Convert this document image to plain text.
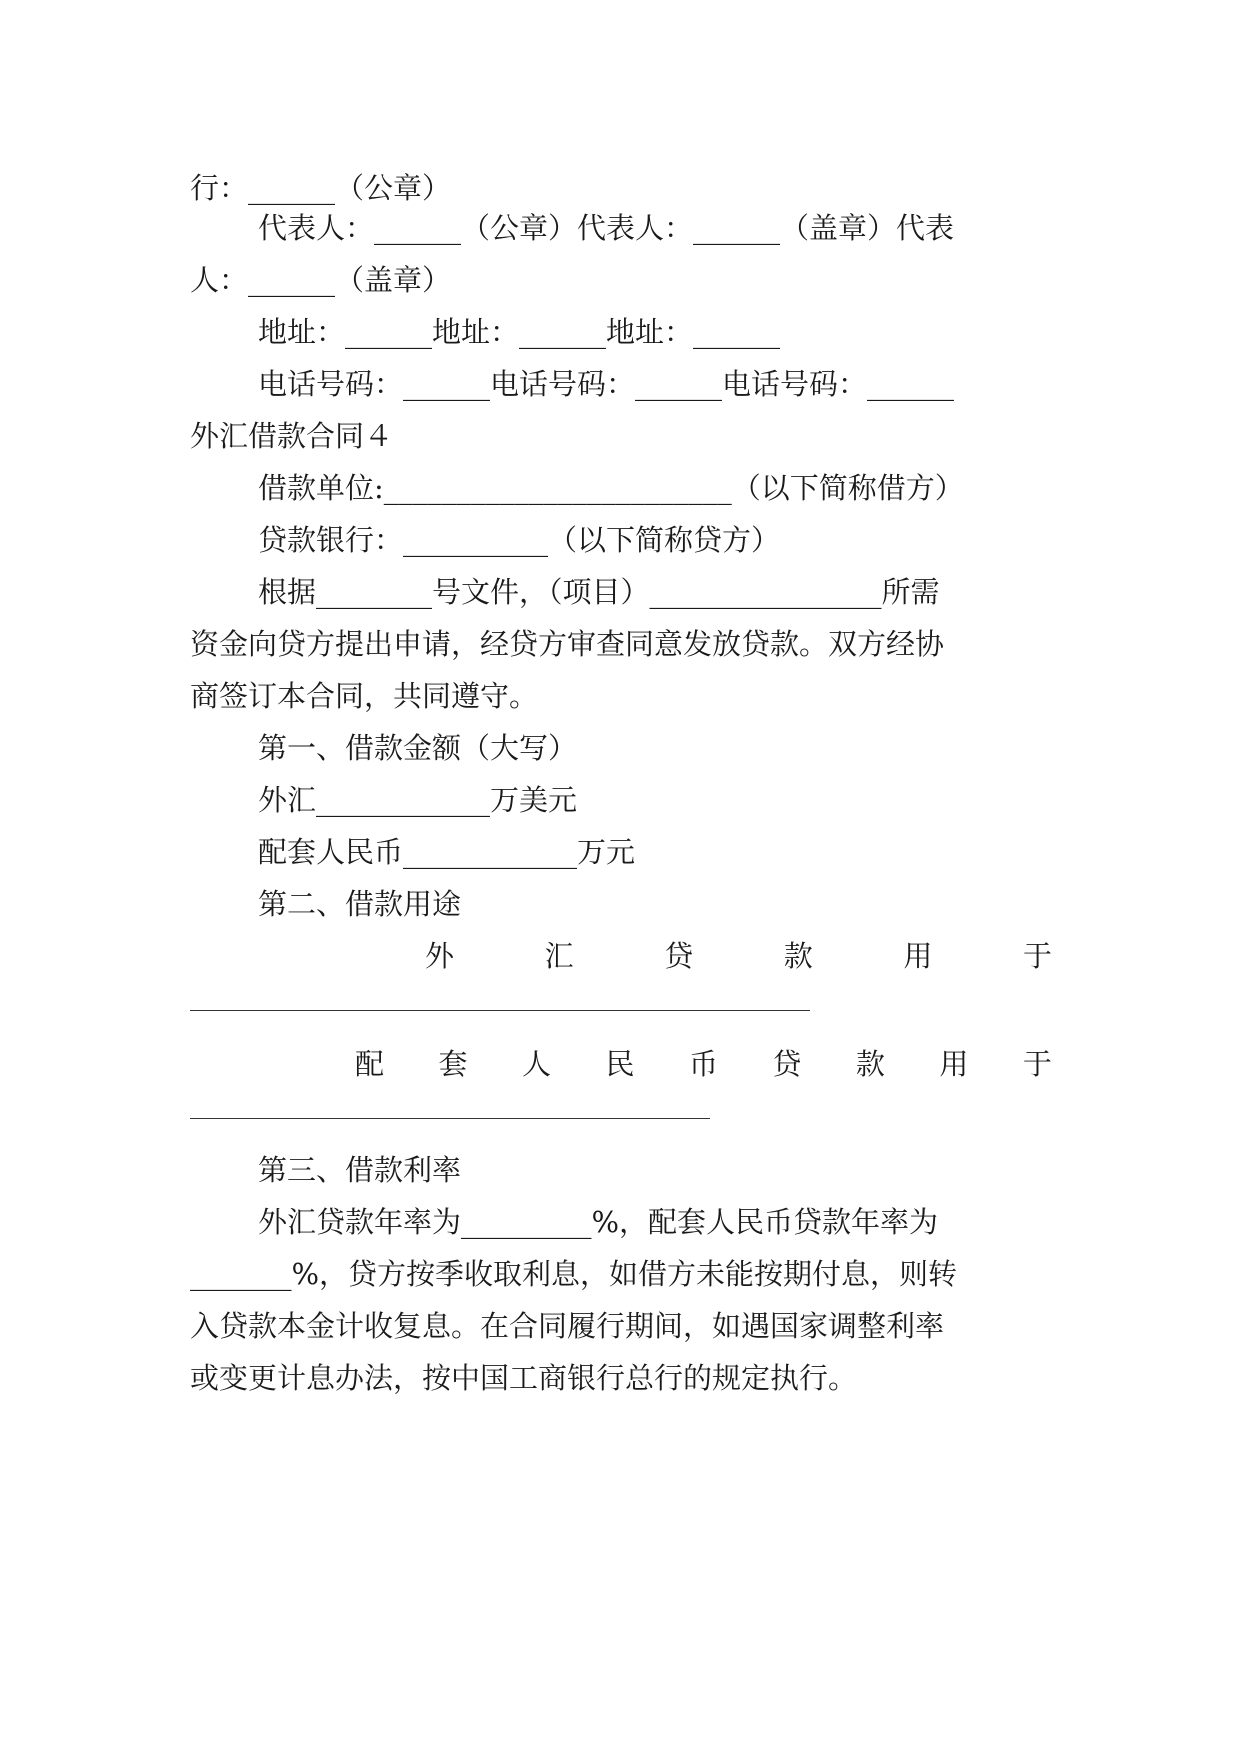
行：______（公章）
代表人：______（公章）代表人：______（盖章）代表
人：______（盖章）
地址：______地址：______地址：______
电话号码：______电话号码：______电话号码：______
外汇借款合同４
借款单位:________________________（以下简称借方）
贷款银行：__________（以下简称贷方）
根据________号文件，（项目）________________所需
资金向贷方提出申请，经贷方审查同意发放贷款。双方经协
商签订本合同，共同遵守。
第一、借款金额（大写）
外汇____________万美元
配套人民币____________万元
第二、借款用途
外	汇	贷	款	用	于
配 套 人 民 币 贷 款 用 于
第三、借款利率
外汇贷款年率为_________%，配套人民币贷款年率为
_______%，贷方按季收取利息，如借方未能按期付息，则转
入贷款本金计收复息。在合同履行期间，如遇国家调整利率
或变更计息办法，按中国工商银行总行的规定执行。
